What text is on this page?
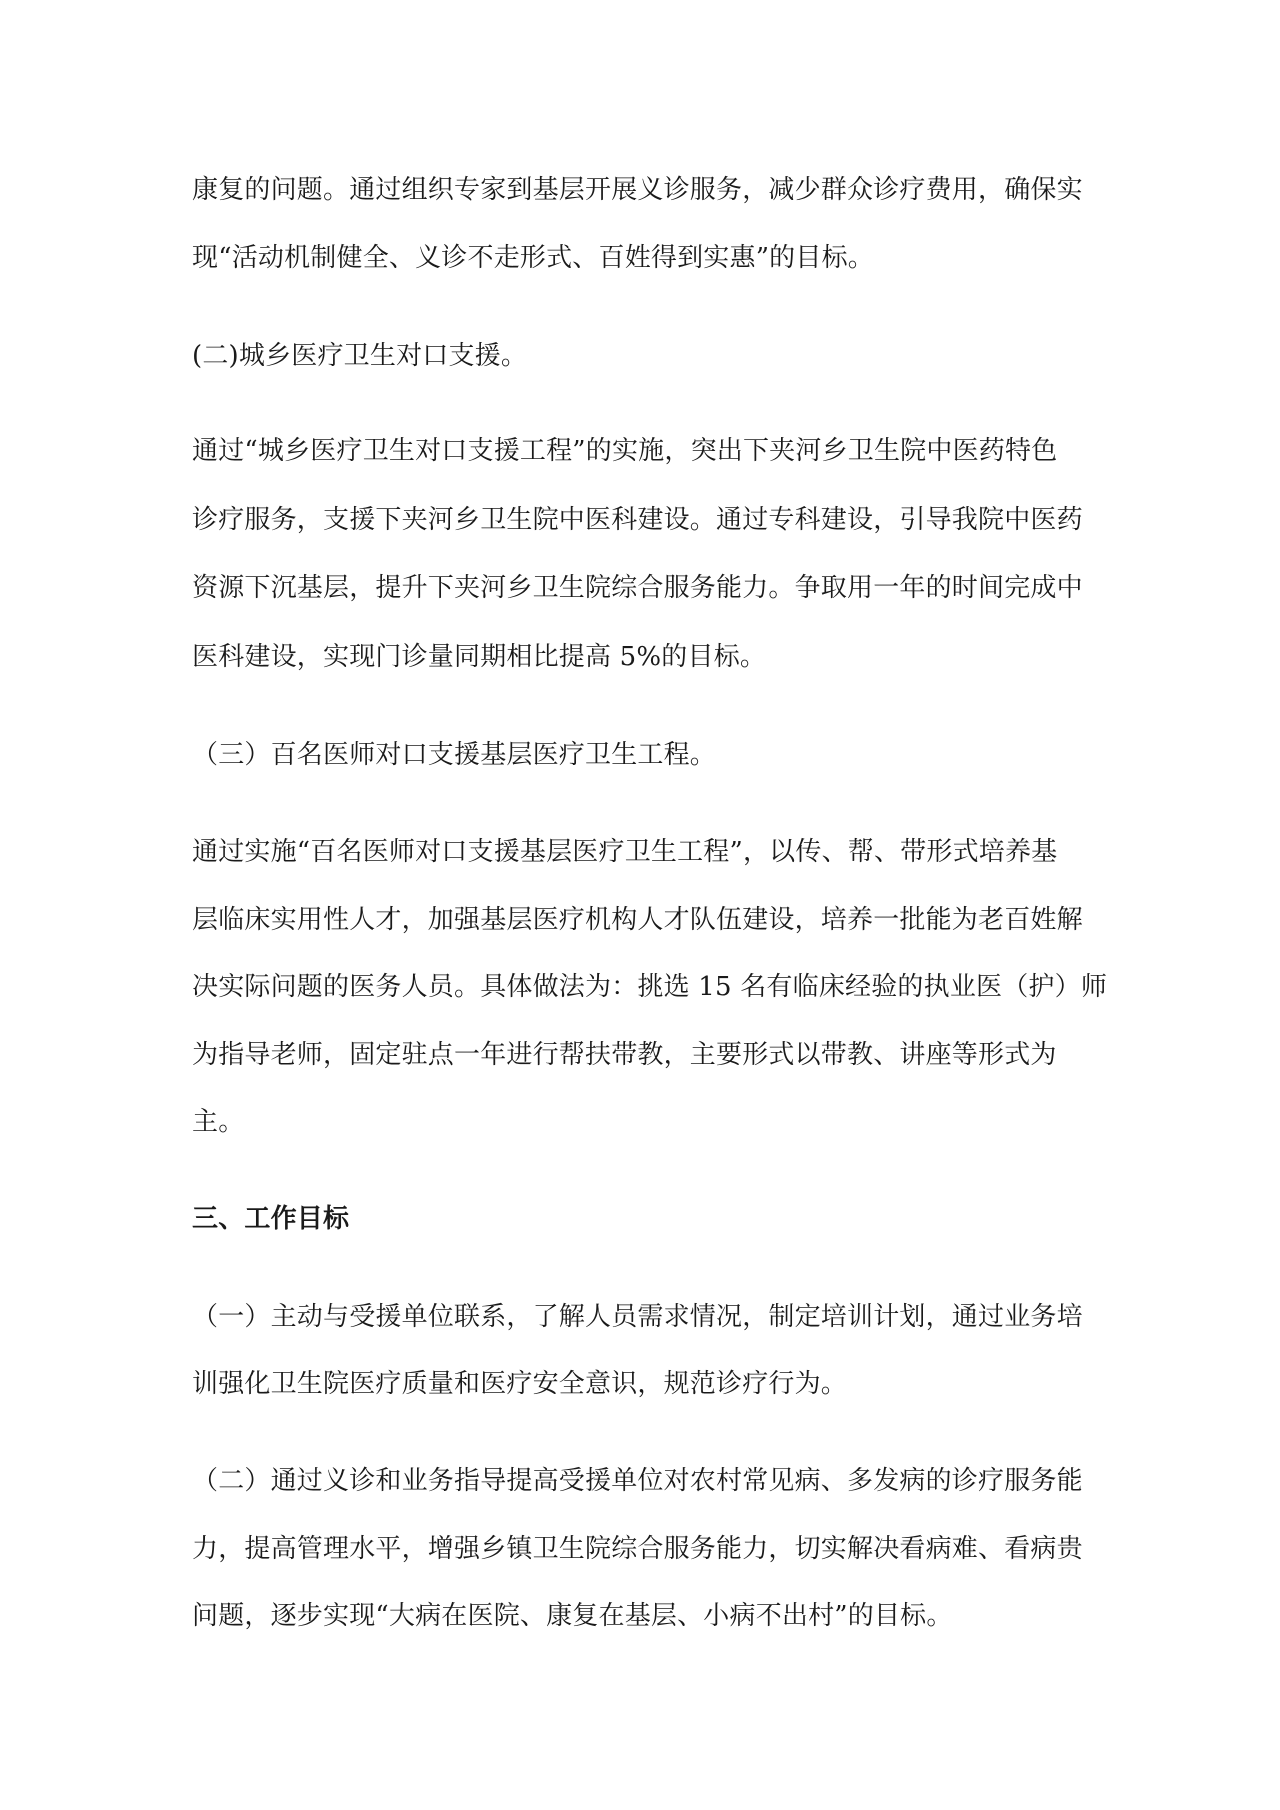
康复的问题。通过组织专家到基层开展义诊服务，减少群众诊疗费用，确保实
现“活动机制健全、义诊不走形式、百姓得到实惠”的目标。
(二)城乡医疗卫生对口支援。
通过“城乡医疗卫生对口支援工程”的实施，突出下夹河乡卫生院中医药特色
诊疗服务，支援下夹河乡卫生院中医科建设。通过专科建设，引导我院中医药
资源下沉基层，提升下夹河乡卫生院综合服务能力。争取用一年的时间完成中
医科建设，实现门诊量同期相比提高 5%的目标。
（三）百名医师对口支援基层医疗卫生工程。
通过实施“百名医师对口支援基层医疗卫生工程”，以传、帮、带形式培养基
层临床实用性人才，加强基层医疗机构人才队伍建设，培养一批能为老百姓解
决实际问题的医务人员。具体做法为：挑选 15 名有临床经验的执业医（护）师
为指导老师，固定驻点一年进行帮扶带教，主要形式以带教、讲座等形式为
主。
三、工作目标
（一）主动与受援单位联系，了解人员需求情况，制定培训计划，通过业务培
训强化卫生院医疗质量和医疗安全意识，规范诊疗行为。
（二）通过义诊和业务指导提高受援单位对农村常见病、多发病的诊疗服务能
力，提高管理水平，增强乡镇卫生院综合服务能力，切实解决看病难、看病贵
问题，逐步实现“大病在医院、康复在基层、小病不出村”的目标。
